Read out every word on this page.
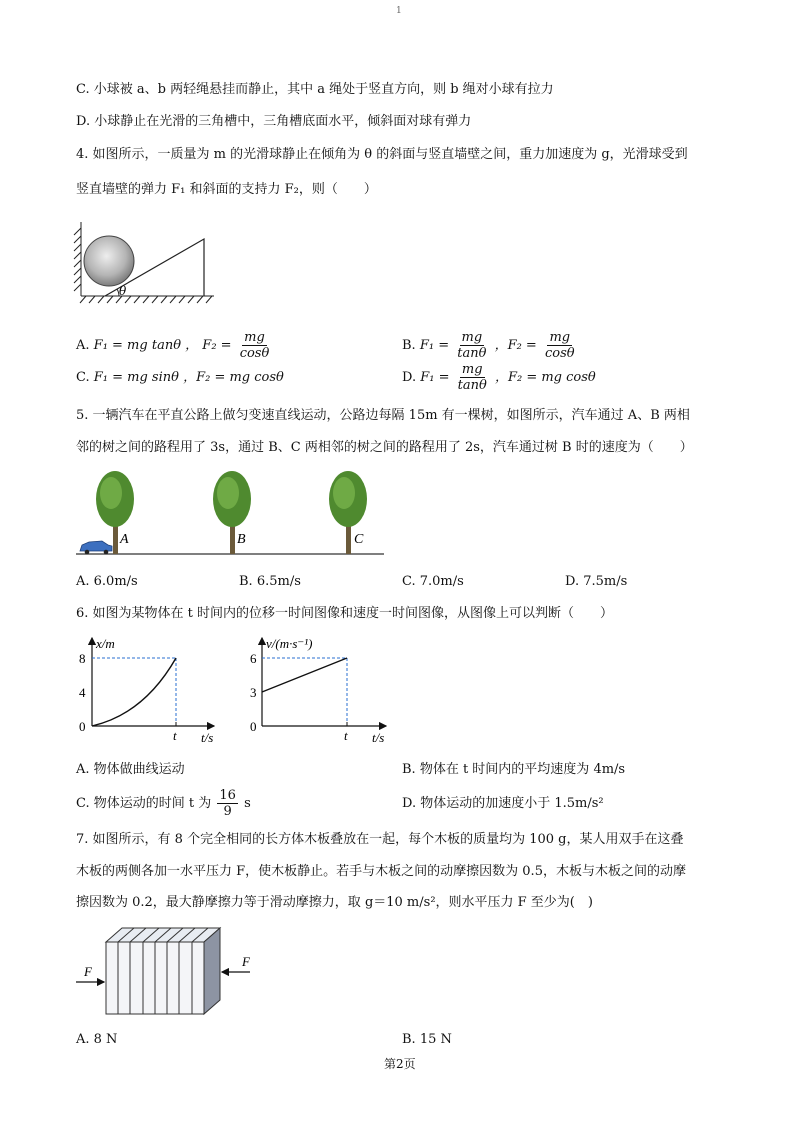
1
C. 小球被 a、b 两轻绳悬挂而静止，其中 a 绳处于竖直方向，则 b 绳对小球有拉力
D. 小球静止在光滑的三角槽中，三角槽底面水平，倾斜面对球有弹力
4. 如图所示，一质量为 m 的光滑球静止在倾角为 θ 的斜面与竖直墙壁之间，重力加速度为 g，光滑球受到
竖直墙壁的弹力 F₁ 和斜面的支持力 F₂，则（　　）
θ
A. F₁ = mg tanθ ， $F_2 = \frac{mg}{\cos\theta}$	B. $F_1 = \frac{mg}{\tan\theta}$ ，$F_2 = \frac{mg}{\cos\theta}$
C. F₁ = mg sinθ ，F₂ = mg cosθ	D. $F_1 = \frac{mg}{\tan\theta}$ ，F₂ = mg cosθ
5. 一辆汽车在平直公路上做匀变速直线运动，公路边每隔 15m 有一棵树，如图所示，汽车通过 A、B 两相
邻的树之间的路程用了 3s，通过 B、C 两相邻的树之间的路程用了 2s，汽车通过树 B 时的速度为（　　）
A	B	C
A. 6.0m/s	B. 6.5m/s	C. 7.0m/s	D. 7.5m/s
6. 如图为某物体在 t 时间内的位移一时间图像和速度一时间图像，从图像上可以判断（　　）
x/m
8
4
0
t t/s
v/(m·s⁻¹)
6
3
0
t t/s
A. 物体做曲线运动	B. 物体在 t 时间内的平均速度为 4m/s
C. 物体运动的时间 t 为 $\frac{16}{9}$ s	D. 物体运动的加速度小于 1.5m/s²
7. 如图所示，有 8 个完全相同的长方体木板叠放在一起，每个木板的质量均为 100 g，某人用双手在这叠
木板的两侧各加一水平压力 F，使木板静止。若手与木板之间的动摩擦因数为 0.5，木板与木板之间的动摩
擦因数为 0.2，最大静摩擦力等于滑动摩擦力，取 g＝10 m/s²，则水平压力 F 至少为(　)
F
F
A. 8 N	B. 15 N
第2页
